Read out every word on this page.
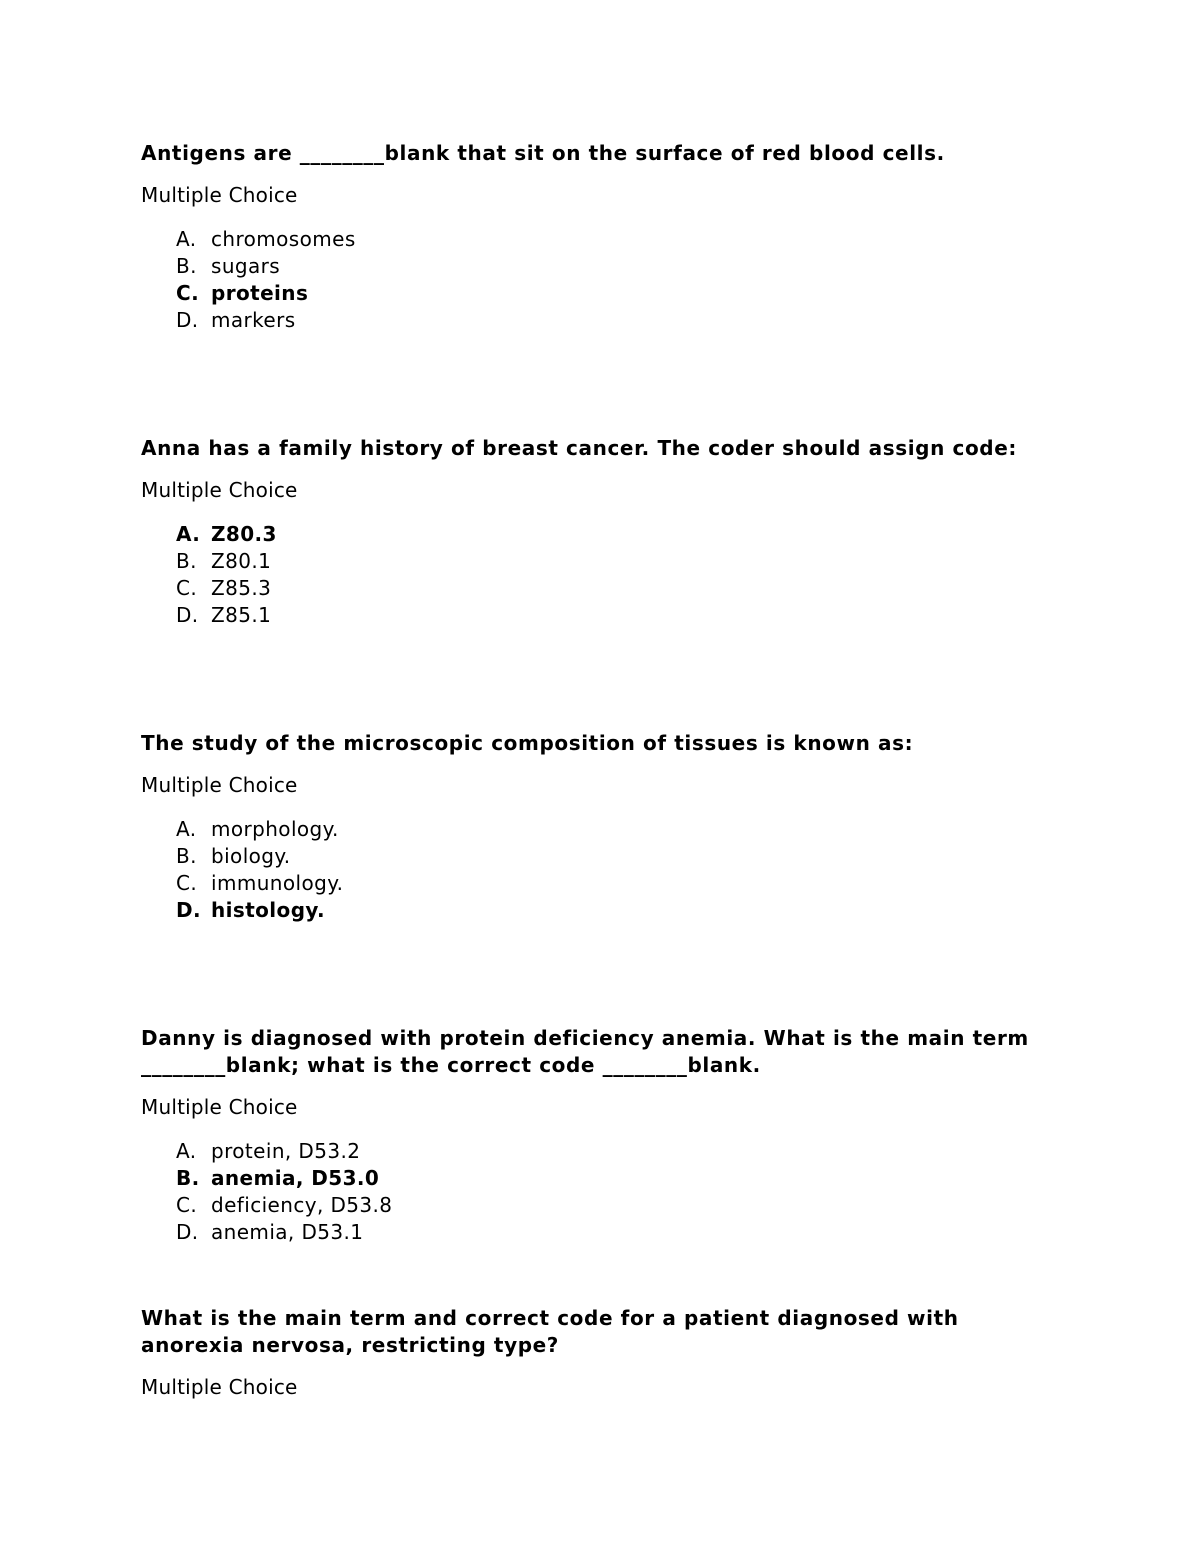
Antigens are ________blank that sit on the surface of red blood cells.

Multiple Choice

A. chromosomes
B. sugars
C. proteins
D. markers

Anna has a family history of breast cancer. The coder should assign code:

Multiple Choice

A. Z80.3
B. Z80.1
C. Z85.3
D. Z85.1

The study of the microscopic composition of tissues is known as:

Multiple Choice

A. morphology.
B. biology.
C. immunology.
D. histology.

Danny is diagnosed with protein deficiency anemia. What is the main term
________blank; what is the correct code ________blank.

Multiple Choice

A. protein, D53.2
B. anemia, D53.0
C. deficiency, D53.8
D. anemia, D53.1

What is the main term and correct code for a patient diagnosed with
anorexia nervosa, restricting type?

Multiple Choice
